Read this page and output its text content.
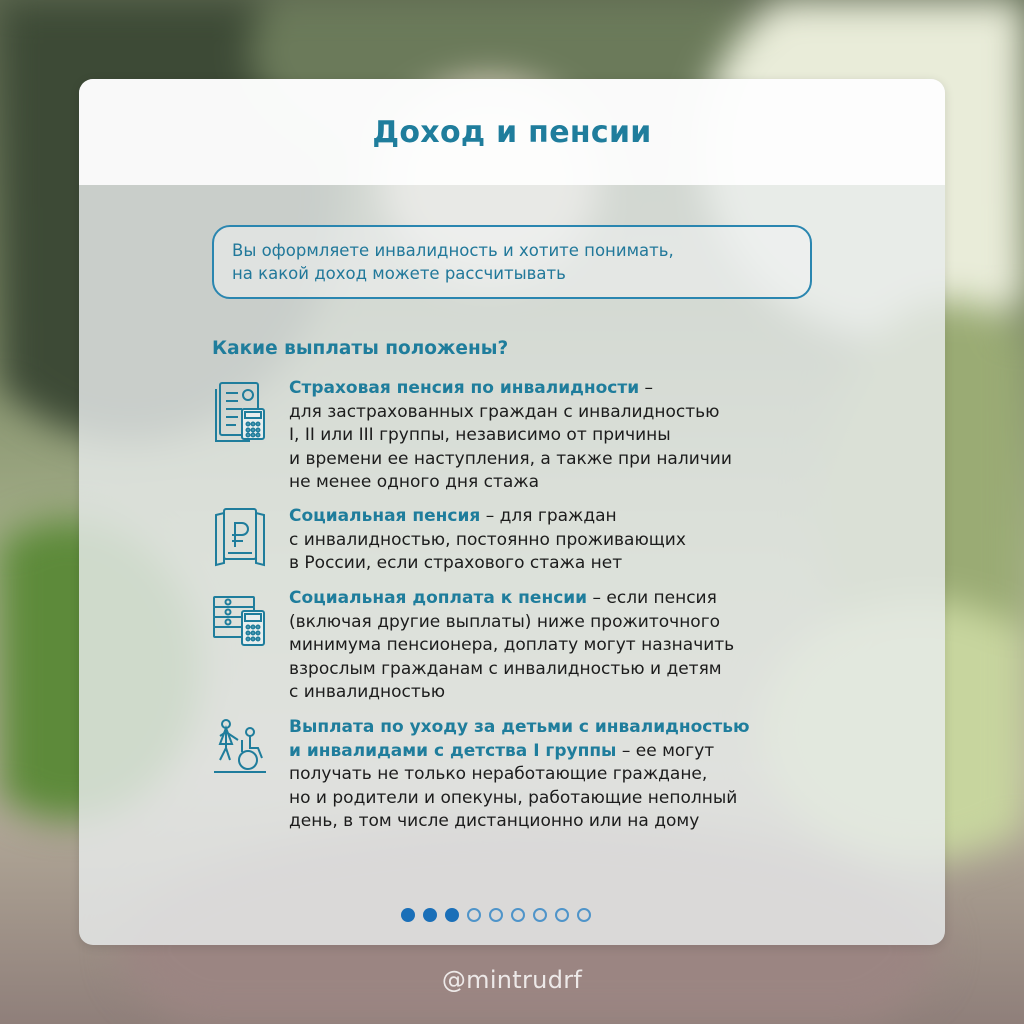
Доход и пенсии
Вы оформляете инвалидность и хотите понимать,
на какой доход можете рассчитывать
Какие выплаты положены?
Страховая пенсия по инвалидности –
для застрахованных граждан с инвалидностью
I, II или III группы, независимо от причины
и времени ее наступления, а также при наличии
не менее одного дня стажа
Социальная пенсия – для граждан
с инвалидностью, постоянно проживающих
в России, если страхового стажа нет
Социальная доплата к пенсии – если пенсия
(включая другие выплаты) ниже прожиточного
минимума пенсионера, доплату могут назначить
взрослым гражданам с инвалидностью и детям
с инвалидностью
Выплата по уходу за детьми с инвалидностью
и инвалидами с детства I группы – ее могут
получать не только неработающие граждане,
но и родители и опекуны, работающие неполный
день, в том числе дистанционно или на дому
@mintrudrf
